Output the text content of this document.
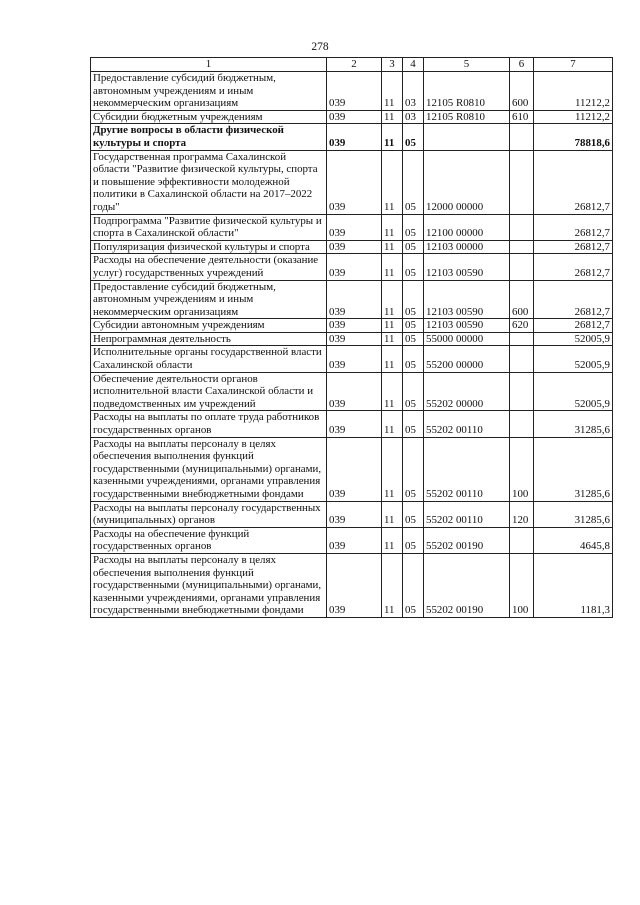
278
1	2	3	4	5	6	7
Предоставление субсидий бюджетным, автономным учреждениям и иным некоммерческим организациям	039	11	03	12105 R0810	600	11212,2
Субсидии бюджетным учреждениям	039	11	03	12105 R0810	610	11212,2
Другие вопросы в области физической культуры и спорта	039	11	05			78818,6
Государственная программа Сахалинской области "Развитие физической культуры, спорта и повышение эффективности молодежной политики в Сахалинской области на 2017–2022 годы"	039	11	05	12000 00000		26812,7
Подпрограмма "Развитие физической культуры и спорта в Сахалинской области"	039	11	05	12100 00000		26812,7
Популяризация физической культуры и спорта	039	11	05	12103 00000		26812,7
Расходы на обеспечение деятельности (оказание услуг) государственных учреждений	039	11	05	12103 00590		26812,7
Предоставление субсидий бюджетным, автономным учреждениям и иным некоммерческим организациям	039	11	05	12103 00590	600	26812,7
Субсидии автономным учреждениям	039	11	05	12103 00590	620	26812,7
Непрограммная деятельность	039	11	05	55000 00000		52005,9
Исполнительные органы государственной власти Сахалинской области	039	11	05	55200 00000		52005,9
Обеспечение деятельности органов исполнительной власти Сахалинской области и подведомственных им учреждений	039	11	05	55202 00000		52005,9
Расходы на выплаты по оплате труда работников государственных органов	039	11	05	55202 00110		31285,6
Расходы на выплаты персоналу в целях обеспечения выполнения функций государственными (муниципальными) органами, казенными учреждениями, органами управления государственными внебюджетными фондами	039	11	05	55202 00110	100	31285,6
Расходы на выплаты персоналу государственных (муниципальных) органов	039	11	05	55202 00110	120	31285,6
Расходы на обеспечение функций государственных органов	039	11	05	55202 00190		4645,8
Расходы на выплаты персоналу в целях обеспечения выполнения функций государственными (муниципальными) органами, казенными учреждениями, органами управления государственными внебюджетными фондами	039	11	05	55202 00190	100	1181,3
